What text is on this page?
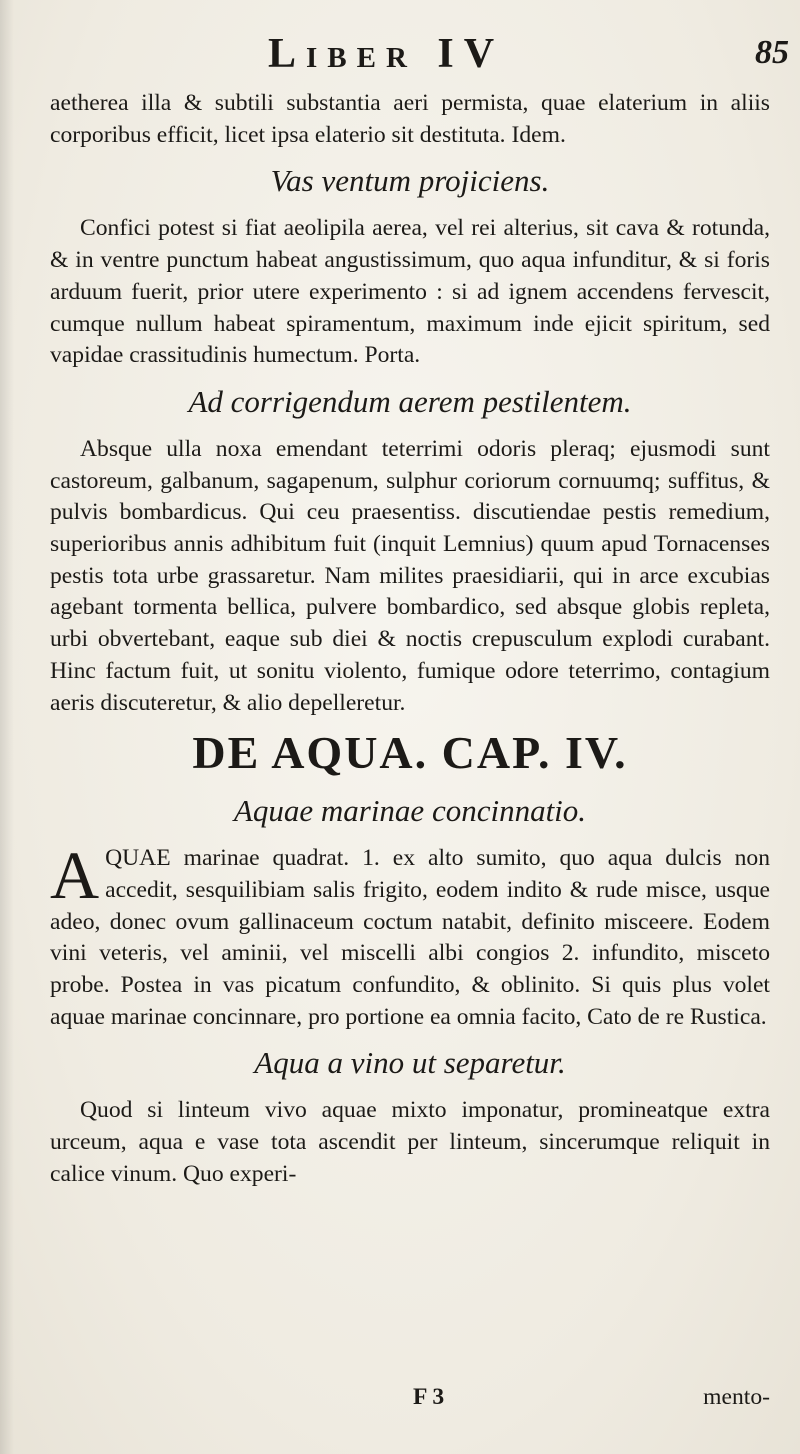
Liber IV	85

aetherea illa & subtili substantia aeri permista, quae elaterium in aliis corporibus efficit, licet ipsa elaterio sit destituta. Idem.

Vas ventum projiciens.

Confici potest si fiat aeolipila aerea, vel rei alterius, sit cava & rotunda, & in ventre punctum habeat angustissimum, quo aqua infunditur, & si foris arduum fuerit, prior utere experimento : si ad ignem accendens fervescit, cumque nullum habeat spiramentum, maximum inde ejicit spiritum, sed vapidae crassitudinis humectum. Porta.

Ad corrigendum aerem pestilentem.

Absque ulla noxa emendant teterrimi odoris pleraq; ejusmodi sunt castoreum, galbanum, sagapenum, sulphur coriorum cornuumq; suffitus, & pulvis bombardicus. Qui ceu praesentiss. discutiendae pestis remedium, superioribus annis adhibitum fuit (inquit Lemnius) quum apud Tornacenses pestis tota urbe grassaretur. Nam milites praesidiarii, qui in arce excubias agebant tormenta bellica, pulvere bombardico, sed absque globis repleta, urbi obvertebant, eaque sub diei & noctis crepusculum explodi curabant. Hinc factum fuit, ut sonitu violento, fumique odore teterrimo, contagium aeris discuteretur, & alio depelleretur.

DE AQUA. CAP. IV.
Aquae marinae concinnatio.

AQUAE marinae quadrat. 1. ex alto sumito, quo aqua dulcis non accedit, sesquilibiam salis frigito, eodem indito & rude misce, usque adeo, donec ovum gallinaceum coctum natabit, definito misceere. Eodem vini veteris, vel aminii, vel miscelli albi congios 2. infundito, misceto probe. Postea in vas picatum confundito, & oblinito. Si quis plus volet aquae marinae concinnare, pro portione ea omnia facito, Cato de re Rustica.

Aqua a vino ut separetur.

Quod si linteum vivo aquae mixto imponatur, promineatque extra urceum, aqua e vase tota ascendit per linteum, sincerumque reliquit in calice vinum. Quo experi-

F 3	mento-
